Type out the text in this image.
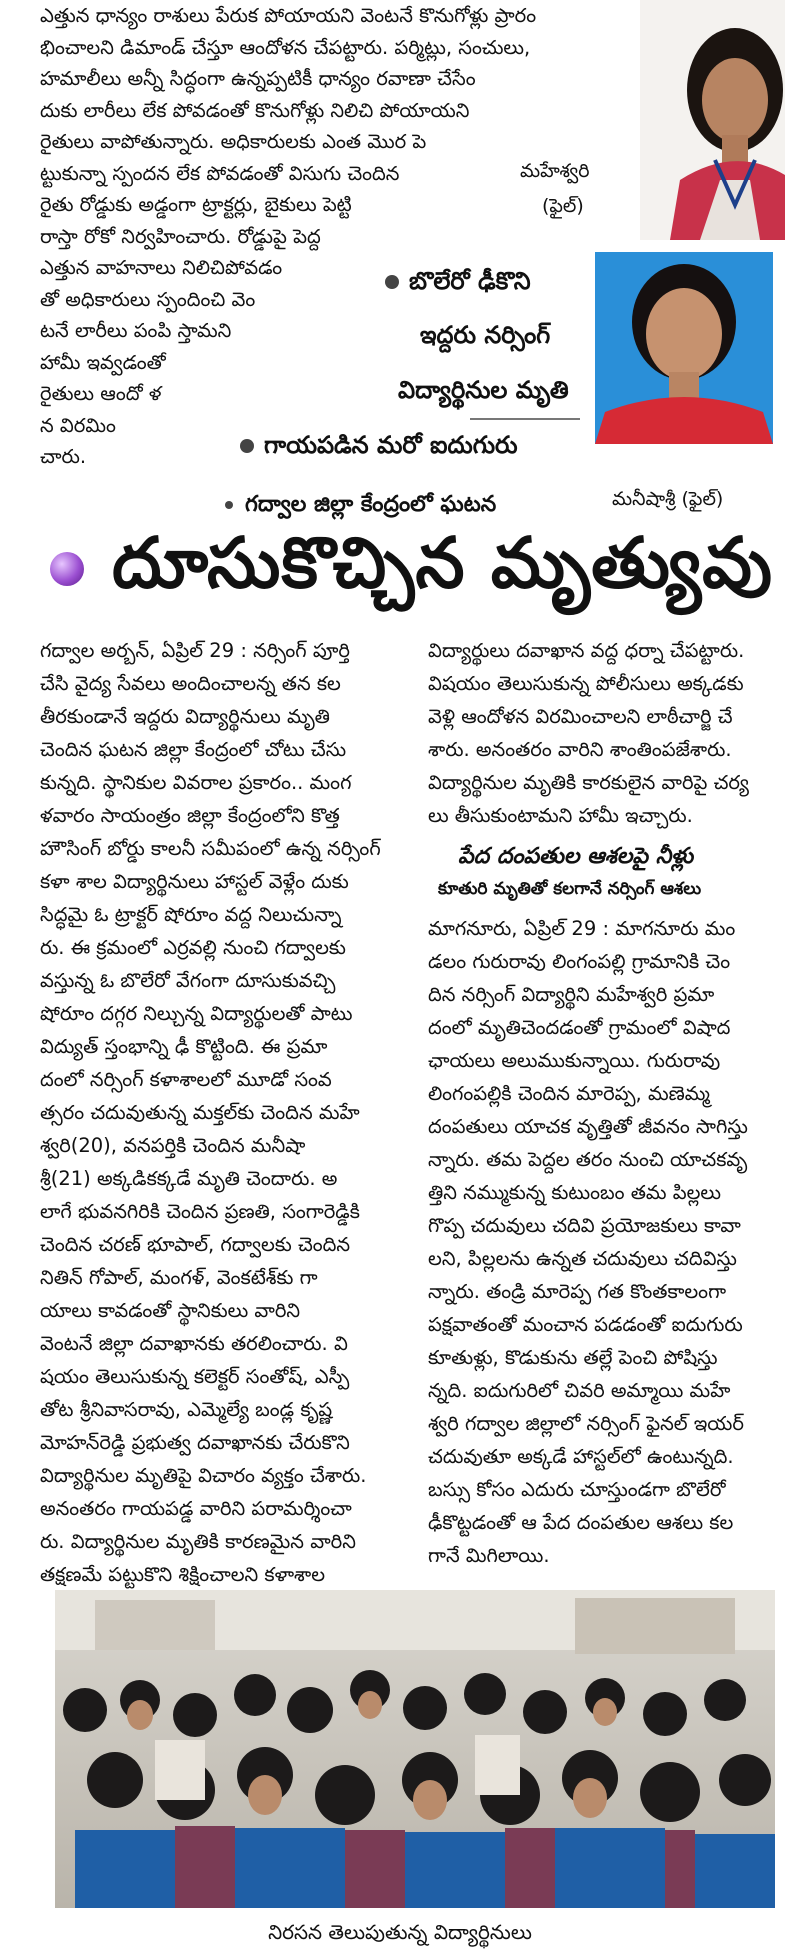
ఎత్తున ధాన్యం రాశులు పేరుక పోయాయని వెంటనే కొనుగోళ్లు ప్రారం

భించాలని డిమాండ్ చేస్తూ ఆందోళన చేపట్టారు. పర్మిట్లు, సంచులు,

హమాలీలు అన్నీ సిద్ధంగా ఉన్నప్పటికీ ధాన్యం రవాణా చేసేం

దుకు లారీలు లేక పోవడంతో కొనుగోళ్లు నిలిచి పోయాయని

రైతులు వాపోతున్నారు. అధికారులకు ఎంత మొర పె

ట్టుకున్నా స్పందన లేక పోవడంతో విసుగు చెందిన

రైతు రోడ్డుకు అడ్డంగా ట్రాక్టర్లు, బైకులు పెట్టి

రాస్తా రోకో నిర్వహించారు. రోడ్డుపై పెద్ద

ఎత్తున వాహనాలు నిలిచిపోవడం

తో అధికారులు స్పందించి వెం

టనే లారీలు పంపి స్తామని

హామీ ఇవ్వడంతో

రైతులు ఆందో ళ

న విరమిం

చారు.

మహేశ్వరి
(ఫైల్)
మనీషాశ్రీ (ఫైల్)
బొలేరో ఢీకొని
ఇద్దరు నర్సింగ్
విద్యార్థినుల మృతి
గాయపడిన మరో ఐదుగురు
గద్వాల జిల్లా కేంద్రంలో ఘటన
దూసుకొచ్చిన మృత్యువు

గద్వాల అర్బన్, ఏప్రిల్ 29 : నర్సింగ్ పూర్తి

చేసి వైద్య సేవలు అందించాలన్న తన కల

తీరకుండానే ఇద్దరు విద్యార్థినులు మృతి

చెందిన ఘటన జిల్లా కేంద్రంలో చోటు చేసు

కున్నది. స్థానికుల వివరాల ప్రకారం.. మంగ

ళవారం సాయంత్రం జిల్లా కేంద్రంలోని కొత్త

హౌసింగ్ బోర్డు కాలనీ సమీపంలో ఉన్న నర్సింగ్

కళా శాల విద్యార్థినులు హాస్టల్ వెళ్లేం దుకు

సిద్ధమై ఓ ట్రాక్టర్ షోరూం వద్ద నిలుచున్నా

రు. ఈ క్రమంలో ఎర్రవల్లి నుంచి గద్వాలకు

వస్తున్న ఓ బొలేరో వేగంగా దూసుకువచ్చి

షోరూం దగ్గర నిల్చున్న విద్యార్థులతో పాటు

విద్యుత్ స్తంభాన్ని ఢీ కొట్టింది. ఈ ప్రమా

దంలో నర్సింగ్ కళాశాలలో మూడో సంవ

త్సరం చదువుతున్న మక్తల్‌కు చెందిన మహే

శ్వరి(20), వనపర్తికి చెందిన మనీషా

శ్రీ(21) అక్కడికక్కడే మృతి చెందారు. అ

లాగే భువనగిరికి చెందిన ప్రణతి, సంగారెడ్డికి

చెందిన చరణ్ భూపాల్, గద్వాలకు చెందిన

నితిన్ గోపాల్, మంగళ్, వెంకటేశ్‌కు గా

యాలు కావడంతో స్థానికులు వారిని

వెంటనే జిల్లా దవాఖానకు తరలించారు. వి

షయం తెలుసుకున్న కలెక్టర్ సంతోష్, ఎస్పీ

తోట శ్రీనివాసరావు, ఎమ్మెల్యే బండ్ల కృష్ణ

మోహన్‌రెడ్డి ప్రభుత్వ దవాఖానకు చేరుకొని

విద్యార్థినుల మృతిపై విచారం వ్యక్తం చేశారు.

అనంతరం గాయపడ్డ వారిని పరామర్శించా

రు. విద్యార్థినుల మృతికి కారణమైన వారిని

తక్షణమే పట్టుకొని శిక్షించాలని కళాశాల

విద్యార్థులు దవాఖాన వద్ద ధర్నా చేపట్టారు.

విషయం తెలుసుకున్న పోలీసులు అక్కడకు

వెళ్లి ఆందోళన విరమించాలని లాఠీచార్జి చే

శారు. అనంతరం వారిని శాంతింపజేశారు.

విద్యార్థినుల మృతికి కారకులైన వారిపై చర్య

లు తీసుకుంటామని హామీ ఇచ్చారు.

పేద దంపతుల ఆశలపై నీళ్లు

కూతురి మృతితో కలగానే నర్సింగ్ ఆశలు

మాగనూరు, ఏప్రిల్ 29 : మాగనూరు మం

డలం గురురావు లింగంపల్లి గ్రామానికి చెం

దిన నర్సింగ్ విద్యార్థిని మహేశ్వరి ప్రమా

దంలో మృతిచెందడంతో గ్రామంలో విషాద

ఛాయలు అలుముకున్నాయి. గురురావు

లింగంపల్లికి చెందిన మారెప్ప, మణెమ్మ

దంపతులు యాచక వృత్తితో జీవనం సాగిస్తు

న్నారు. తమ పెద్దల తరం నుంచి యాచకవృ

త్తిని నమ్ముకున్న కుటుంబం తమ పిల్లలు

గొప్ప చదువులు చదివి ప్రయోజకులు కావా

లని, పిల్లలను ఉన్నత చదువులు చదివిస్తు

న్నారు. తండ్రి మారెప్ప గత కొంతకాలంగా

పక్షవాతంతో మంచాన పడడంతో ఐదుగురు

కూతుళ్లు, కొడుకును తల్లే పెంచి పోషిస్తు

న్నది. ఐదుగురిలో చివరి అమ్మాయి మహే

శ్వరి గద్వాల జిల్లాలో నర్సింగ్ ఫైనల్ ఇయర్

చదువుతూ అక్కడే హాస్టల్‌లో ఉంటున్నది.

బస్సు కోసం ఎదురు చూస్తుండగా బొలేరో

ఢీకొట్టడంతో ఆ పేద దంపతుల ఆశలు కల

గానే మిగిలాయి.

నిరసన తెలుపుతున్న విద్యార్థినులు
